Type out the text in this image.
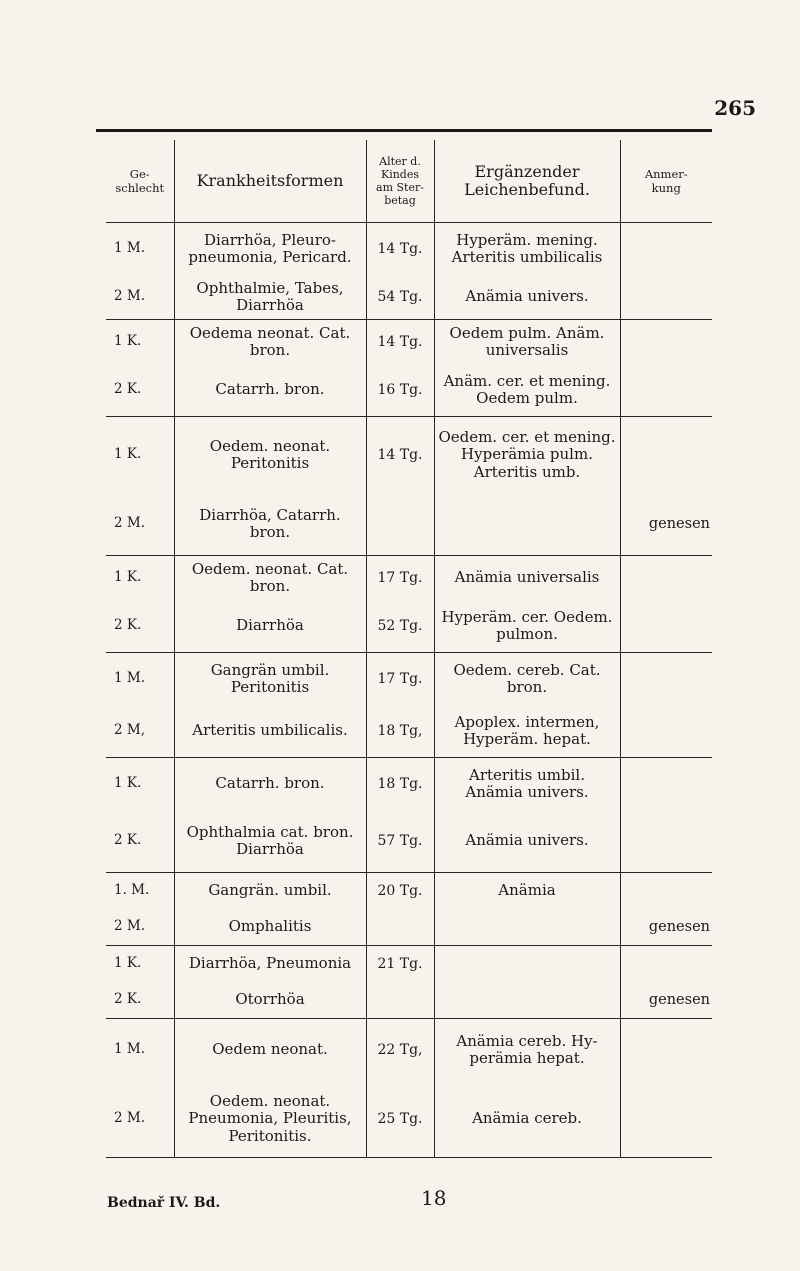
265
Ge-
schlecht	Krankheitsformen	Alter d.
Kindes
am Ster-
betag	Ergänzender
Leichenbefund.	Anmer-
kung
1 M.	Diarrhöa, Pleuro-
pneumonia, Pericard.	14 Tg.	Hyperäm. mening.
Arteritis umbilicalis	
2 M.	Ophthalmie, Tabes,
Diarrhöa	54 Tg.	Anämia univers.	
1 K.	Oedema neonat. Cat.
bron.	14 Tg.	Oedem pulm. Anäm.
universalis	
2 K.	Catarrh. bron.	16 Tg.	Anäm. cer. et mening.
Oedem pulm.	
1 K.	Oedem. neonat.
Peritonitis	14 Tg.	Oedem. cer. et mening.
Hyperämia pulm.
Arteritis umb.	
2 M.	Diarrhöa, Catarrh.
bron.			genesen
1 K.	Oedem. neonat. Cat.
bron.	17 Tg.	Anämia universalis	
2 K.	Diarrhöa	52 Tg.	Hyperäm. cer. Oedem.
pulmon.	
1 M.	Gangrän umbil.
Peritonitis	17 Tg.	Oedem. cereb. Cat.
bron.	
2 M,	Arteritis umbilicalis.	18 Tg,	Apoplex. intermen,
Hyperäm. hepat.	
1 K.	Catarrh. bron.	18 Tg.	Arteritis umbil.
Anämia univers.	
2 K.	Ophthalmia cat. bron.
Diarrhöa	57 Tg.	Anämia univers.	
1. M.	Gangrän. umbil.	20 Tg.	Anämia	
2 M.	Omphalitis			genesen
1 K.	Diarrhöa, Pneumonia	21 Tg.		
2 K.	Otorrhöa			genesen
1 M.	Oedem neonat.	22 Tg,	Anämia cereb. Hy-
perämia hepat.	
2 M.	Oedem. neonat.
Pneumonia, Pleuritis,
Peritonitis.	25 Tg.	Anämia cereb.	
Bednař IV. Bd.	18
